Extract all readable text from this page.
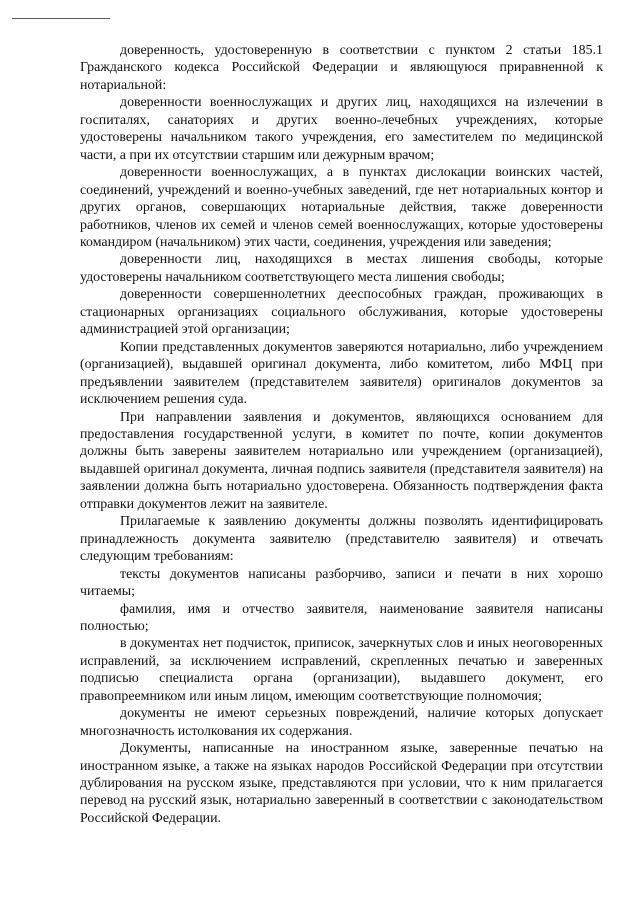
доверенность, удостоверенную в соответствии с пунктом 2 статьи 185.1 Гражданского кодекса Российской Федерации и являющуюся приравненной к нотариальной:

доверенности военнослужащих и других лиц, находящихся на излечении в госпиталях, санаториях и других военно-лечебных учреждениях, которые удостоверены начальником такого учреждения, его заместителем по медицинской части, а при их отсутствии старшим или дежурным врачом;

доверенности военнослужащих, а в пунктах дислокации воинских частей, соединений, учреждений и военно-учебных заведений, где нет нотариальных контор и других органов, совершающих нотариальные действия, также доверенности работников, членов их семей и членов семей военнослужащих, которые удостоверены командиром (начальником) этих части, соединения, учреждения или заведения;

доверенности лиц, находящихся в местах лишения свободы, которые удостоверены начальником соответствующего места лишения свободы;

доверенности совершеннолетних дееспособных граждан, проживающих в стационарных организациях социального обслуживания, которые удостоверены администрацией этой организации;

Копии представленных документов заверяются нотариально, либо учреждением (организацией), выдавшей оригинал документа, либо комитетом, либо МФЦ при предъявлении заявителем (представителем заявителя) оригиналов документов за исключением решения суда.

При направлении заявления и документов, являющихся основанием для предоставления государственной услуги, в комитет по почте, копии документов должны быть заверены заявителем нотариально или учреждением (организацией), выдавшей оригинал документа, личная подпись заявителя (представителя заявителя) на заявлении должна быть нотариально удостоверена. Обязанность подтверждения факта отправки документов лежит на заявителе.

Прилагаемые к заявлению документы должны позволять идентифицировать принадлежность документа заявителю (представителю заявителя) и отвечать следующим требованиям:

тексты документов написаны разборчиво, записи и печати в них хорошо читаемы;

фамилия, имя и отчество заявителя, наименование заявителя написаны полностью;

в документах нет подчисток, приписок, зачеркнутых слов и иных неоговоренных исправлений, за исключением исправлений, скрепленных печатью и заверенных подписью специалиста органа (организации), выдавшего документ, его правопреемником или иным лицом, имеющим соответствующие полномочия;

документы не имеют серьезных повреждений, наличие которых допускает многозначность истолкования их содержания.

Документы, написанные на иностранном языке, заверенные печатью на иностранном языке, а также на языках народов Российской Федерации при отсутствии дублирования на русском языке, представляются при условии, что к ним прилагается перевод на русский язык, нотариально заверенный в соответствии с законодательством Российской Федерации.
